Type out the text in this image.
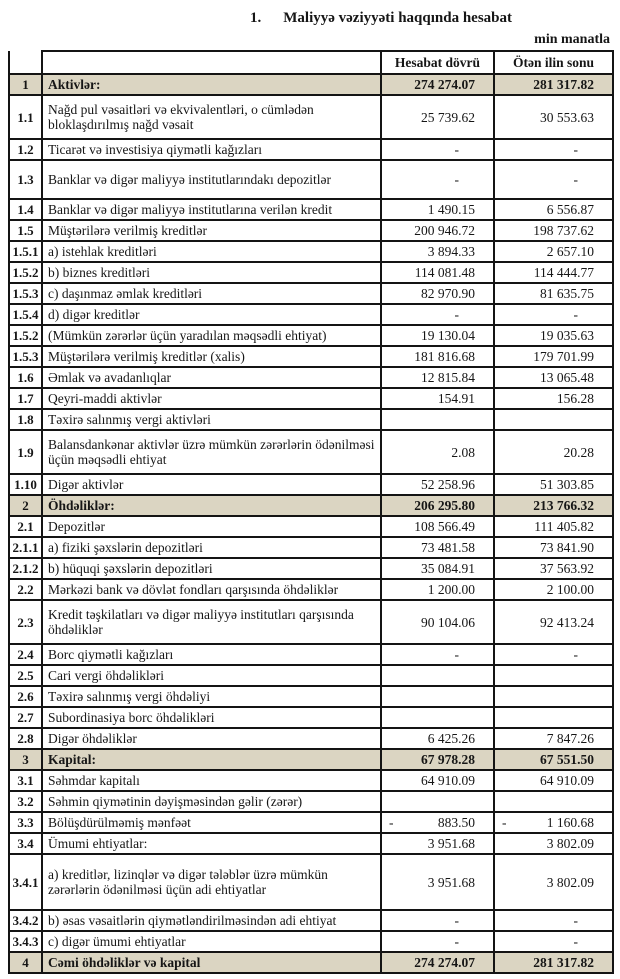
1. Maliyyə vəziyyəti haqqında hesabat
min manatla
		Hesabat dövrü	Ötən ilin sonu
1	Aktivlər:	274 274.07	281 317.82
1.1	Nağd pul vəsaitləri və ekvivalentləri, o cümlədən bloklaşdırılmış nağd vəsait	25 739.62	30 553.63
1.2	Ticarət və investisiya qiymətli kağızları	-	-
1.3	Banklar və digər maliyyə institutlarındakı depozitlər	-	-
1.4	Banklar və digər maliyyə institutlarına verilən kredit	1 490.15	6 556.87
1.5	Müştərilərə verilmiş kreditlər	200 946.72	198 737.62
1.5.1	a) istehlak kreditləri	3 894.33	2 657.10
1.5.2	b) biznes kreditləri	114 081.48	114 444.77
1.5.3	c) daşınmaz əmlak kreditləri	82 970.90	81 635.75
1.5.4	d) digər kreditlər	-	-
1.5.2	(Mümkün zərərlər üçün yaradılan məqsədli ehtiyat)	19 130.04	19 035.63
1.5.3	Müştərilərə verilmiş kreditlər (xalis)	181 816.68	179 701.99
1.6	Əmlak və avadanlıqlar	12 815.84	13 065.48
1.7	Qeyri-maddi aktivlər	154.91	156.28
1.8	Təxirə salınmış vergi aktivləri		
1.9	Balansdankənar aktivlər üzrə mümkün zərərlərin ödənilməsi üçün məqsədli ehtiyat	2.08	20.28
1.10	Digər aktivlər	52 258.96	51 303.85
2	Öhdəliklər:	206 295.80	213 766.32
2.1	Depozitlər	108 566.49	111 405.82
2.1.1	a) fiziki şəxslərin depozitləri	73 481.58	73 841.90
2.1.2	b) hüquqi şəxslərin depozitləri	35 084.91	37 563.92
2.2	Mərkəzi bank və dövlət fondları qarşısında öhdəliklər	1 200.00	2 100.00
2.3	Kredit təşkilatları və digər maliyyə institutları qarşısında öhdəliklər	90 104.06	92 413.24
2.4	Borc qiymətli kağızları	-	-
2.5	Cari vergi öhdəlikləri		
2.6	Təxirə salınmış vergi öhdəliyi		
2.7	Subordinasiya borc öhdəlikləri		
2.8	Digər öhdəliklər	6 425.26	7 847.26
3	Kapital:	67 978.28	67 551.50
3.1	Səhmdar kapitalı	64 910.09	64 910.09
3.2	Səhmin qiymətinin dəyişməsindən gəlir (zərər)		
3.3	Bölüşdürülməmiş mənfəət	- 883.50	- 1 160.68
3.4	Ümumi ehtiyatlar:	3 951.68	3 802.09
3.4.1	a) kreditlər, lizinqlər və digər tələblər üzrə mümkün zərərlərin ödənilməsi üçün adi ehtiyatlar	3 951.68	3 802.09
3.4.2	b) əsas vəsaitlərin qiymətləndirilməsindən adi ehtiyat	-	-
3.4.3	c) digər ümumi ehtiyatlar	-	-
4	Cəmi öhdəliklər və kapital	274 274.07	281 317.82
